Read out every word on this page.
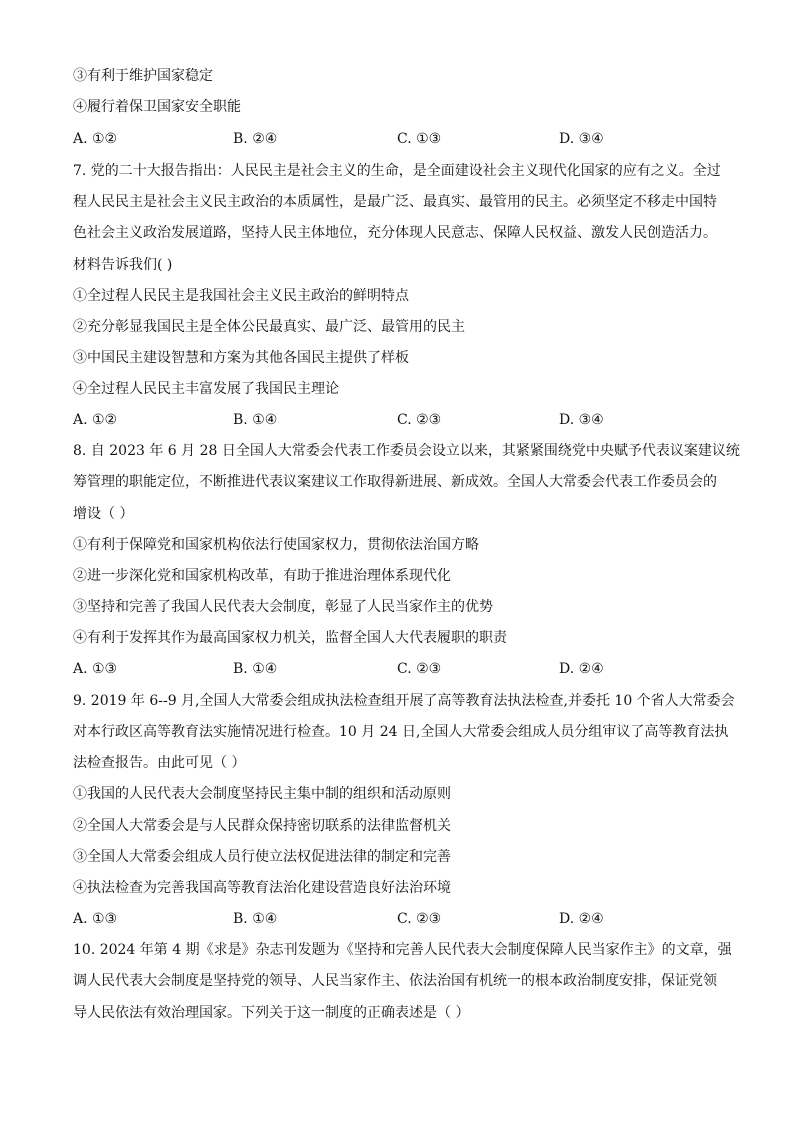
③有利于维护国家稳定
④履行着保卫国家安全职能
A. ①②	B. ②④	C. ①③	D. ③④
7. 党的二十大报告指出：人民民主是社会主义的生命，是全面建设社会主义现代化国家的应有之义。全过
程人民民主是社会主义民主政治的本质属性，是最广泛、最真实、最管用的民主。必须坚定不移走中国特
色社会主义政治发展道路，坚持人民主体地位，充分体现人民意志、保障人民权益、激发人民创造活力。
材料告诉我们( )
①全过程人民民主是我国社会主义民主政治的鲜明特点
②充分彰显我国民主是全体公民最真实、最广泛、最管用的民主
③中国民主建设智慧和方案为其他各国民主提供了样板
④全过程人民民主丰富发展了我国民主理论
A. ①②	B. ①④	C. ②③	D. ③④
8. 自 2023 年 6 月 28 日全国人大常委会代表工作委员会设立以来，其紧紧围绕党中央赋予代表议案建议统
筹管理的职能定位，不断推进代表议案建议工作取得新进展、新成效。全国人大常委会代表工作委员会的
增设（ ）
①有利于保障党和国家机构依法行使国家权力，贯彻依法治国方略
②进一步深化党和国家机构改革，有助于推进治理体系现代化
③坚持和完善了我国人民代表大会制度，彰显了人民当家作主的优势
④有利于发挥其作为最高国家权力机关，监督全国人大代表履职的职责
A. ①③	B. ①④	C. ②③	D. ②④
9. 2019 年 6--9 月,全国人大常委会组成执法检查组开展了高等教育法执法检查,并委托 10 个省人大常委会
对本行政区高等教育法实施情况进行检查。10 月 24 日,全国人大常委会组成人员分组审议了高等教育法执
法检查报告。由此可见（ ）
①我国的人民代表大会制度坚持民主集中制的组织和活动原则
②全国人大常委会是与人民群众保持密切联系的法律监督机关
③全国人大常委会组成人员行使立法权促进法律的制定和完善
④执法检查为完善我国高等教育法治化建设营造良好法治环境
A. ①③	B. ①④	C. ②③	D. ②④
10. 2024 年第 4 期《求是》杂志刊发题为《坚持和完善人民代表大会制度保障人民当家作主》的文章，强
调人民代表大会制度是坚持党的领导、人民当家作主、依法治国有机统一的根本政治制度安排，保证党领
导人民依法有效治理国家。下列关于这一制度的正确表述是（ ）
